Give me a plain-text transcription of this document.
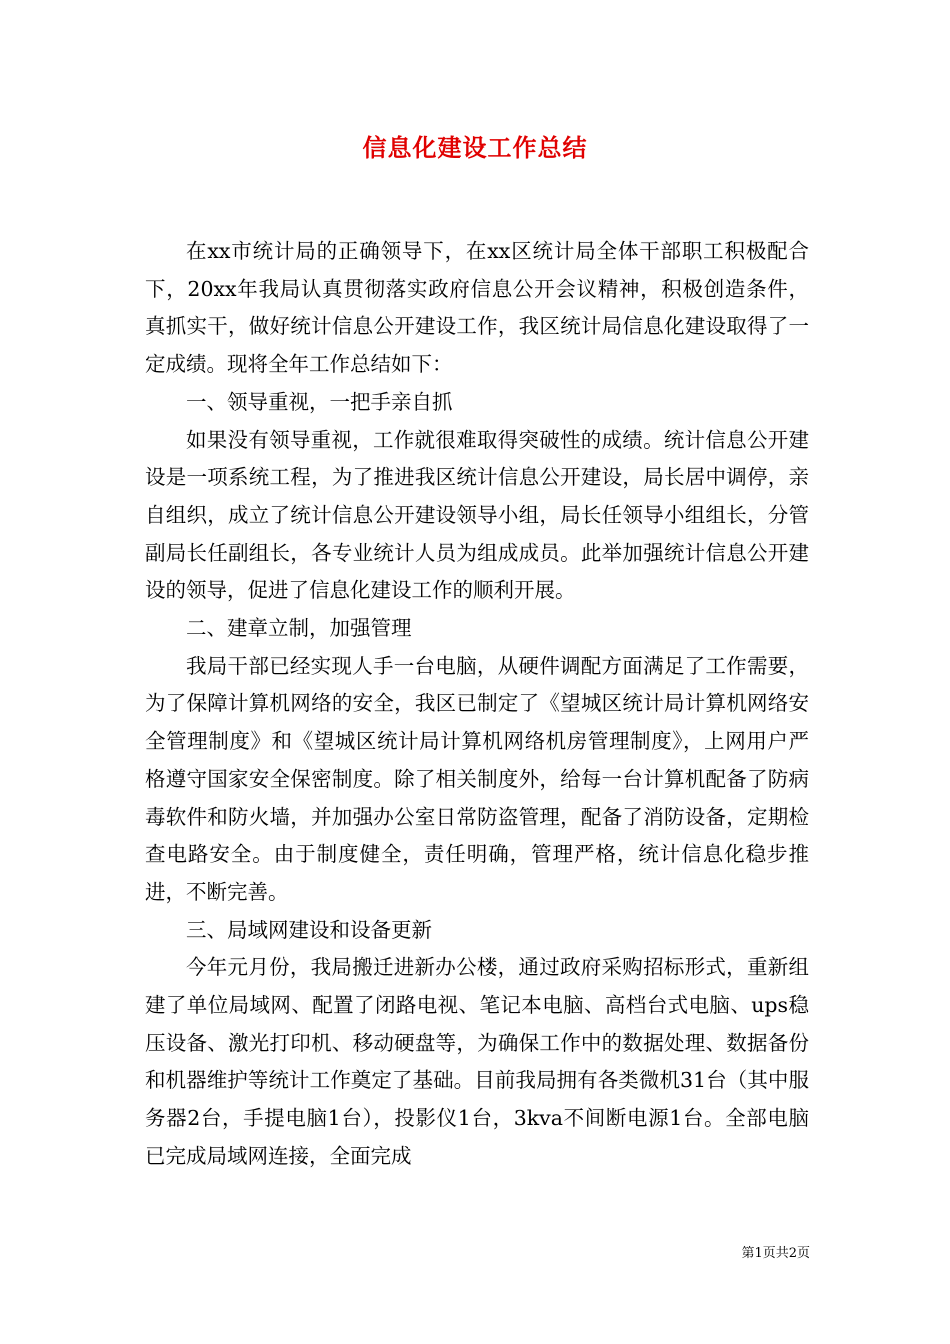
信息化建设工作总结

在xx市统计局的正确领导下，在xx区统计局全体干部职工积极配合下，20xx年我局认真贯彻落实政府信息公开会议精神，积极创造条件，真抓实干，做好统计信息公开建设工作，我区统计局信息化建设取得了一定成绩。现将全年工作总结如下：

一、领导重视，一把手亲自抓

如果没有领导重视，工作就很难取得突破性的成绩。统计信息公开建设是一项系统工程，为了推进我区统计信息公开建设，局长居中调停，亲自组织，成立了统计信息公开建设领导小组，局长任领导小组组长，分管副局长任副组长，各专业统计人员为组成成员。此举加强统计信息公开建设的领导，促进了信息化建设工作的顺利开展。

二、建章立制，加强管理

我局干部已经实现人手一台电脑，从硬件调配方面满足了工作需要，为了保障计算机网络的安全，我区已制定了《望城区统计局计算机网络安全管理制度》和《望城区统计局计算机网络机房管理制度》，上网用户严格遵守国家安全保密制度。除了相关制度外，给每一台计算机配备了防病毒软件和防火墙，并加强办公室日常防盗管理，配备了消防设备，定期检查电路安全。由于制度健全，责任明确，管理严格，统计信息化稳步推进，不断完善。

三、局域网建设和设备更新

今年元月份，我局搬迁进新办公楼，通过政府采购招标形式，重新组建了单位局域网、配置了闭路电视、笔记本电脑、高档台式电脑、ups稳压设备、激光打印机、移动硬盘等，为确保工作中的数据处理、数据备份和机器维护等统计工作奠定了基础。目前我局拥有各类微机31台（其中服务器2台，手提电脑1台），投影仪1台，3kva不间断电源1台。全部电脑已完成局域网连接，全面完成

第1页共2页
